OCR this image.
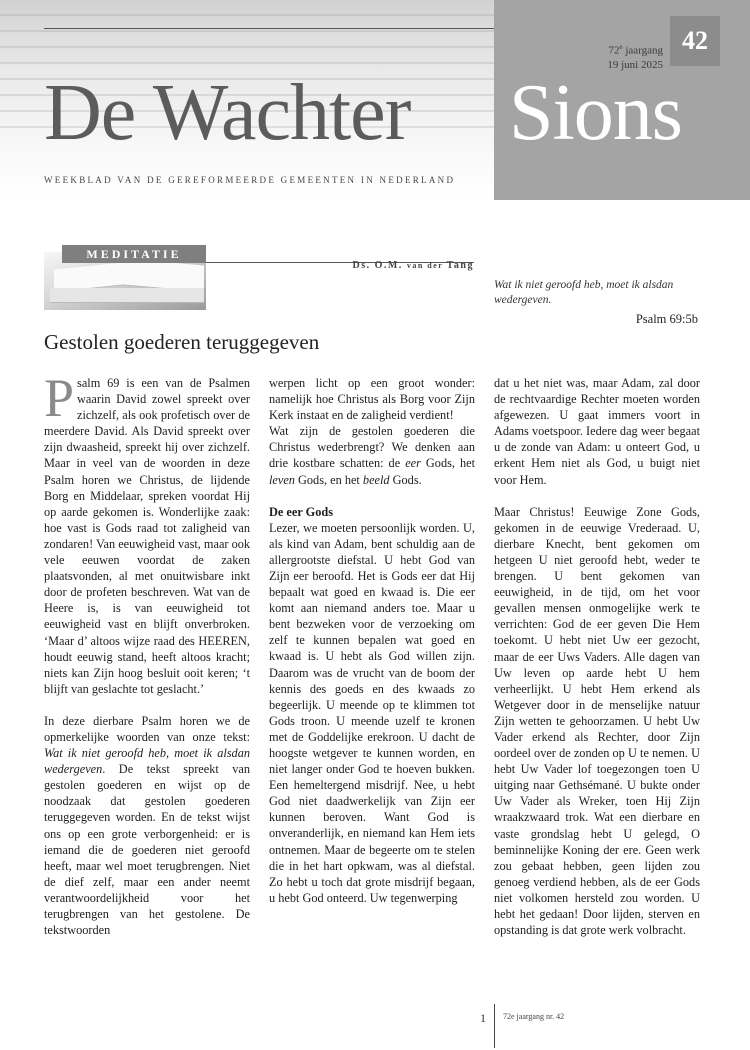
42
72e jaargang
19 juni 2025
De Wachter Sions
WEEKBLAD VAN DE GEREFORMEERDE GEMEENTEN IN NEDERLAND
MEDITATIE
Ds. O.M. van der Tang
Wat ik niet geroofd heb, moet ik alsdan wedergeven.
Psalm 69:5b
Gestolen goederen teruggegeven

Psalm 69 is een van de Psalmen waarin David zowel spreekt over zichzelf, als ook profetisch over de meerdere David. Als David spreekt over zijn dwaasheid, spreekt hij over zichzelf. Maar in veel van de woorden in deze Psalm horen we Christus, de lijdende Borg en Middelaar, spreken voordat Hij op aarde gekomen is. Wonderlijke zaak: hoe vast is Gods raad tot zaligheid van zondaren! Van eeuwigheid vast, maar ook vele eeuwen voordat de zaken plaatsvonden, al met onuitwisbare inkt door de profeten beschreven. Wat van de Heere is, is van eeuwigheid tot eeuwigheid vast en blijft onverbroken. ‘Maar d’ altoos wijze raad des HEEREN, houdt eeuwig stand, heeft altoos kracht; niets kan Zijn hoog besluit ooit keren; ‘t blijft van geslachte tot geslacht.’

In deze dierbare Psalm horen we de opmerkelijke woorden van onze tekst: Wat ik niet geroofd heb, moet ik alsdan wedergeven. De tekst spreekt van gestolen goederen en wijst op de noodzaak dat gestolen goederen teruggegeven worden. En de tekst wijst ons op een grote verborgenheid: er is iemand die de goederen niet geroofd heeft, maar wel moet terugbrengen. Niet de dief zelf, maar een ander neemt verantwoordelijkheid voor het terugbrengen van het gestolene. De tekstwoorden

werpen licht op een groot wonder: namelijk hoe Christus als Borg voor Zijn Kerk instaat en de zaligheid verdient!

Wat zijn de gestolen goederen die Christus wederbrengt? We denken aan drie kostbare schatten: de eer Gods, het leven Gods, en het beeld Gods.

De eer Gods

Lezer, we moeten persoonlijk worden. U, als kind van Adam, bent schuldig aan de allergrootste diefstal. U hebt God van Zijn eer beroofd. Het is Gods eer dat Hij bepaalt wat goed en kwaad is. Die eer komt aan niemand anders toe. Maar u bent bezweken voor de verzoeking om zelf te kunnen bepalen wat goed en kwaad is. U hebt als God willen zijn. Daarom was de vrucht van de boom der kennis des goeds en des kwaads zo begeerlijk. U meende op te klimmen tot Gods troon. U meende uzelf te kronen met de Goddelijke erekroon. U dacht de hoogste wetgever te kunnen worden, en niet langer onder God te hoeven bukken. Een hemeltergend misdrijf. Nee, u hebt God niet daadwerkelijk van Zijn eer kunnen beroven. Want God is onveranderlijk, en niemand kan Hem iets ontnemen. Maar de begeerte om te stelen die in het hart opkwam, was al diefstal. Zo hebt u toch dat grote misdrijf begaan, u hebt God onteerd. Uw tegenwerping

dat u het niet was, maar Adam, zal door de rechtvaardige Rechter moeten worden afgewezen. U gaat immers voort in Adams voetspoor. Iedere dag weer begaat u de zonde van Adam: u onteert God, u erkent Hem niet als God, u buigt niet voor Hem.

Maar Christus! Eeuwige Zone Gods, gekomen in de eeuwige Vrederaad. U, dierbare Knecht, bent gekomen om hetgeen U niet geroofd hebt, weder te brengen. U bent gekomen van eeuwigheid, in de tijd, om het voor gevallen mensen onmogelijke werk te verrichten: God de eer geven Die Hem toekomt. U hebt niet Uw eer gezocht, maar de eer Uws Vaders. Alle dagen van Uw leven op aarde hebt U hem verheerlijkt. U hebt Hem erkend als Wetgever door in de menselijke natuur Zijn wetten te gehoorzamen. U hebt Uw Vader erkend als Rechter, door Zijn oordeel over de zonden op U te nemen. U hebt Uw Vader lof toegezongen toen U uitging naar Gethsémané. U bukte onder Uw Vader als Wreker, toen Hij Zijn wraakzwaard trok. Wat een dierbare en vaste grondslag hebt U gelegd, O beminnelijke Koning der ere. Geen werk zou gebaat hebben, geen lijden zou genoeg verdiend hebben, als de eer Gods niet volkomen hersteld zou worden. U hebt het gedaan! Door lijden, sterven en opstanding is dat grote werk volbracht.

1 72e jaargang nr. 42
